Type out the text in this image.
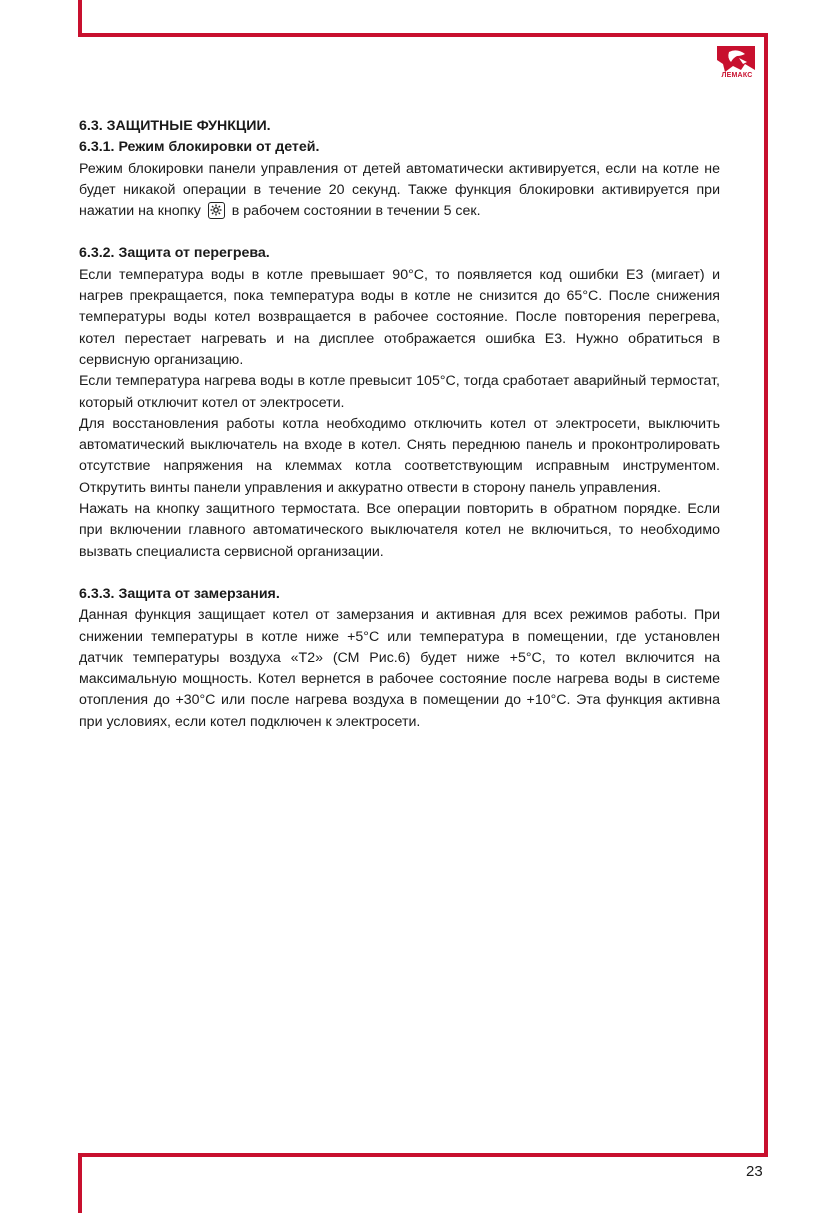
ЛЕМАКС

6.3. ЗАЩИТНЫЕ ФУНКЦИИ.

6.3.1. Режим блокировки от детей.

Режим блокировки панели управления от детей автоматически активируется, если на котле не будет никакой операции в течение 20 секунд. Также функция блокировки активируется при нажатии на кнопку в рабочем состоянии в течении 5 сек.

6.3.2. Защита от перегрева.

Если температура воды в котле превышает 90°С, то появляется код ошибки Е3 (мигает) и нагрев прекращается, пока температура воды в котле не снизится до 65°С. После снижения температуры воды котел возвращается в рабочее состояние. После повторения перегрева, котел перестает нагревать и на дисплее отображается ошибка Е3. Нужно обратиться в сервисную организацию.

Если температура нагрева воды в котле превысит 105°С, тогда сработает аварийный термостат, который отключит котел от электросети.

Для восстановления работы котла необходимо отключить котел от электросети, выключить автоматический выключатель на входе в котел. Снять переднюю панель и проконтролировать отсутствие напряжения на клеммах котла соответствующим исправным инструментом. Открутить винты панели управления и аккуратно отвести в сторону панель управления.

Нажать на кнопку защитного термостата. Все операции повторить в обратном порядке. Если при включении главного автоматического выключателя котел не включиться, то необходимо вызвать специалиста сервисной организации.

6.3.3. Защита от замерзания.

Данная функция защищает котел от замерзания и активная для всех режимов работы. При снижении температуры в котле ниже +5°С или температура в помещении, где установлен датчик температуры воздуха «Т2» (СМ Рис.6) будет ниже +5°С, то котел включится на максимальную мощность. Котел вернется в рабочее состояние после нагрева воды в системе отопления до +30°С или после нагрева воздуха в помещении до +10°С. Эта функция активна при условиях, если котел подключен к электросети.

23
